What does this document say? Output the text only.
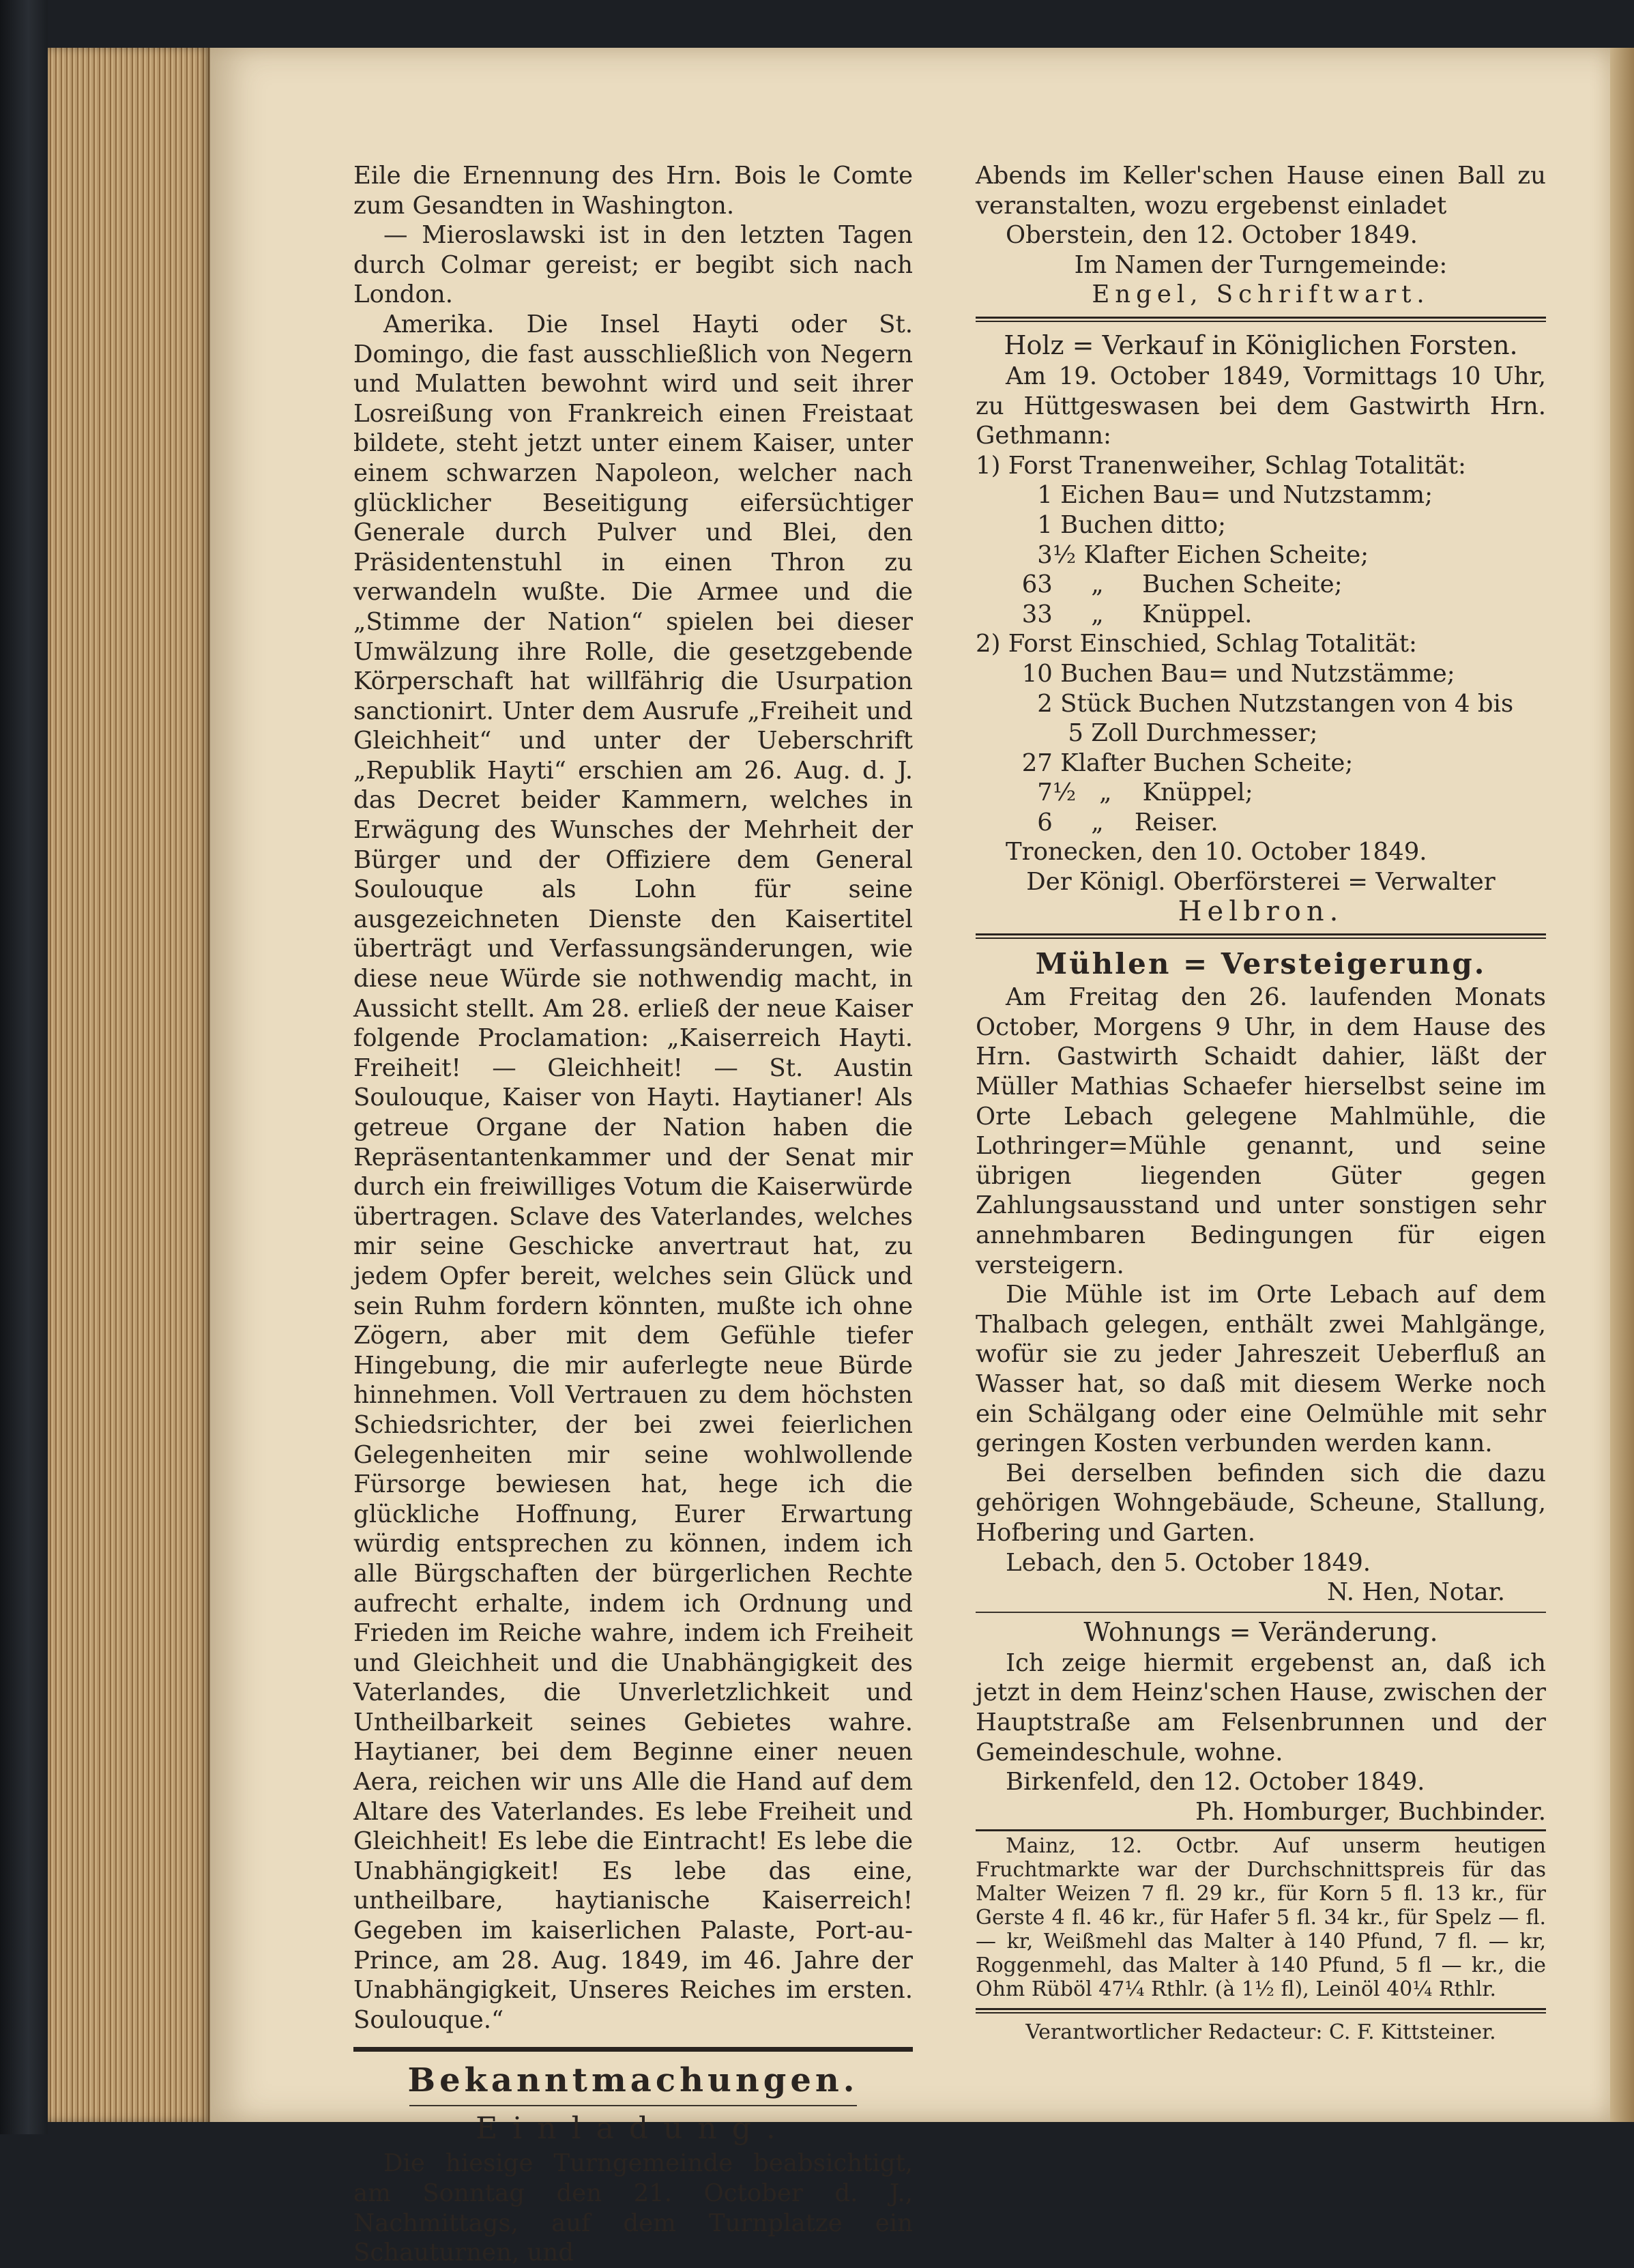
Eile die Ernennung des Hrn. Bois le Comte zum Gesandten in Washington.

— Mieroslawski ist in den letzten Tagen durch Colmar gereist; er begibt sich nach London.

Amerika. Die Insel Hayti oder St. Domingo, die fast ausschließlich von Negern und Mulatten bewohnt wird und seit ihrer Losreißung von Frankreich einen Freistaat bildete, steht jetzt unter einem Kaiser, unter einem schwarzen Napoleon, welcher nach glücklicher Beseitigung eifersüchtiger Generale durch Pulver und Blei, den Präsidentenstuhl in einen Thron zu verwandeln wußte. Die Armee und die „Stimme der Nation“ spielen bei dieser Umwälzung ihre Rolle, die gesetzgebende Körperschaft hat willfährig die Usurpation sanctionirt. Unter dem Ausrufe „Freiheit und Gleichheit“ und unter der Ueberschrift „Republik Hayti“ erschien am 26. Aug. d. J. das Decret beider Kammern, welches in Erwägung des Wunsches der Mehrheit der Bürger und der Offiziere dem General Soulouque als Lohn für seine ausgezeichneten Dienste den Kaisertitel überträgt und Verfassungsänderungen, wie diese neue Würde sie nothwendig macht, in Aussicht stellt. Am 28. erließ der neue Kaiser folgende Proclamation: „Kaiserreich Hayti. Freiheit! — Gleichheit! — St. Austin Soulouque, Kaiser von Hayti. Haytianer! Als getreue Organe der Nation haben die Repräsentantenkammer und der Senat mir durch ein freiwilliges Votum die Kaiserwürde übertragen. Sclave des Vaterlandes, welches mir seine Geschicke anvertraut hat, zu jedem Opfer bereit, welches sein Glück und sein Ruhm fordern könnten, mußte ich ohne Zögern, aber mit dem Gefühle tiefer Hingebung, die mir auferlegte neue Bürde hinnehmen. Voll Vertrauen zu dem höchsten Schiedsrichter, der bei zwei feierlichen Gelegenheiten mir seine wohlwollende Fürsorge bewiesen hat, hege ich die glückliche Hoffnung, Eurer Erwartung würdig entsprechen zu können, indem ich alle Bürgschaften der bürgerlichen Rechte aufrecht erhalte, indem ich Ordnung und Frieden im Reiche wahre, indem ich Freiheit und Gleichheit und die Unabhängigkeit des Vaterlandes, die Unverletzlichkeit und Untheilbarkeit seines Gebietes wahre. Haytianer, bei dem Beginne einer neuen Aera, reichen wir uns Alle die Hand auf dem Altare des Vaterlandes. Es lebe Freiheit und Gleichheit! Es lebe die Eintracht! Es lebe die Unabhängigkeit! Es lebe das eine, untheilbare, haytianische Kaiserreich! Gegeben im kaiserlichen Palaste, Port-au-Prince, am 28. Aug. 1849, im 46. Jahre der Unabhängigkeit, Unseres Reiches im ersten. Soulouque.“

Bekanntmachungen.
Einladung.

Die hiesige Turngemeinde beabsichtigt, am Sonntag den 21. October d. J., Nachmittags, auf dem Turnplatze ein Schauturnen, und

Abends im Keller'schen Hause einen Ball zu veranstalten, wozu ergebenst einladet

Oberstein, den 12. October 1849.

Im Namen der Turngemeinde:

Engel, Schriftwart.

Holz = Verkauf in Königlichen Forsten.

Am 19. October 1849, Vormittags 10 Uhr, zu Hüttgeswasen bei dem Gastwirth Hrn. Gethmann:

1) Forst Tranenweiher, Schlag Totalität:
1 Eichen Bau= und Nutzstamm;
1 Buchen ditto;
3½ Klafter Eichen Scheite;
63     „     Buchen Scheite;
33     „     Knüppel.
2) Forst Einschied, Schlag Totalität:
10 Buchen Bau= und Nutzstämme;
2 Stück Buchen Nutzstangen von 4 bis
5 Zoll Durchmesser;
27 Klafter Buchen Scheite;
7½   „    Knüppel;
6     „    Reiser.

Tronecken, den 10. October 1849.

Der Königl. Oberförsterei = Verwalter

Helbron.

Mühlen = Versteigerung.

Am Freitag den 26. laufenden Monats October, Morgens 9 Uhr, in dem Hause des Hrn. Gastwirth Schaidt dahier, läßt der Müller Mathias Schaefer hierselbst seine im Orte Lebach gelegene Mahlmühle, die Lothringer=Mühle genannt, und seine übrigen liegenden Güter gegen Zahlungsausstand und unter sonstigen sehr annehmbaren Bedingungen für eigen versteigern.

Die Mühle ist im Orte Lebach auf dem Thalbach gelegen, enthält zwei Mahlgänge, wofür sie zu jeder Jahreszeit Ueberfluß an Wasser hat, so daß mit diesem Werke noch ein Schälgang oder eine Oelmühle mit sehr geringen Kosten verbunden werden kann.

Bei derselben befinden sich die dazu gehörigen Wohngebäude, Scheune, Stallung, Hofbering und Garten.

Lebach, den 5. October 1849.

N. Hen, Notar.

Wohnungs = Veränderung.

Ich zeige hiermit ergebenst an, daß ich jetzt in dem Heinz'schen Hause, zwischen der Hauptstraße am Felsenbrunnen und der Gemeindeschule, wohne.

Birkenfeld, den 12. October 1849.

Ph. Homburger, Buchbinder.

Mainz, 12. Octbr. Auf unserm heutigen Fruchtmarkte war der Durchschnittspreis für das Malter Weizen 7 fl. 29 kr., für Korn 5 fl. 13 kr., für Gerste 4 fl. 46 kr., für Hafer 5 fl. 34 kr., für Spelz — fl. — kr, Weißmehl das Malter à 140 Pfund, 7 fl. — kr, Roggenmehl, das Malter à 140 Pfund, 5 fl — kr., die Ohm Rüböl 47¼ Rthlr. (à 1½ fl), Leinöl 40¼ Rthlr.

Verantwortlicher Redacteur: C. F. Kittsteiner.
